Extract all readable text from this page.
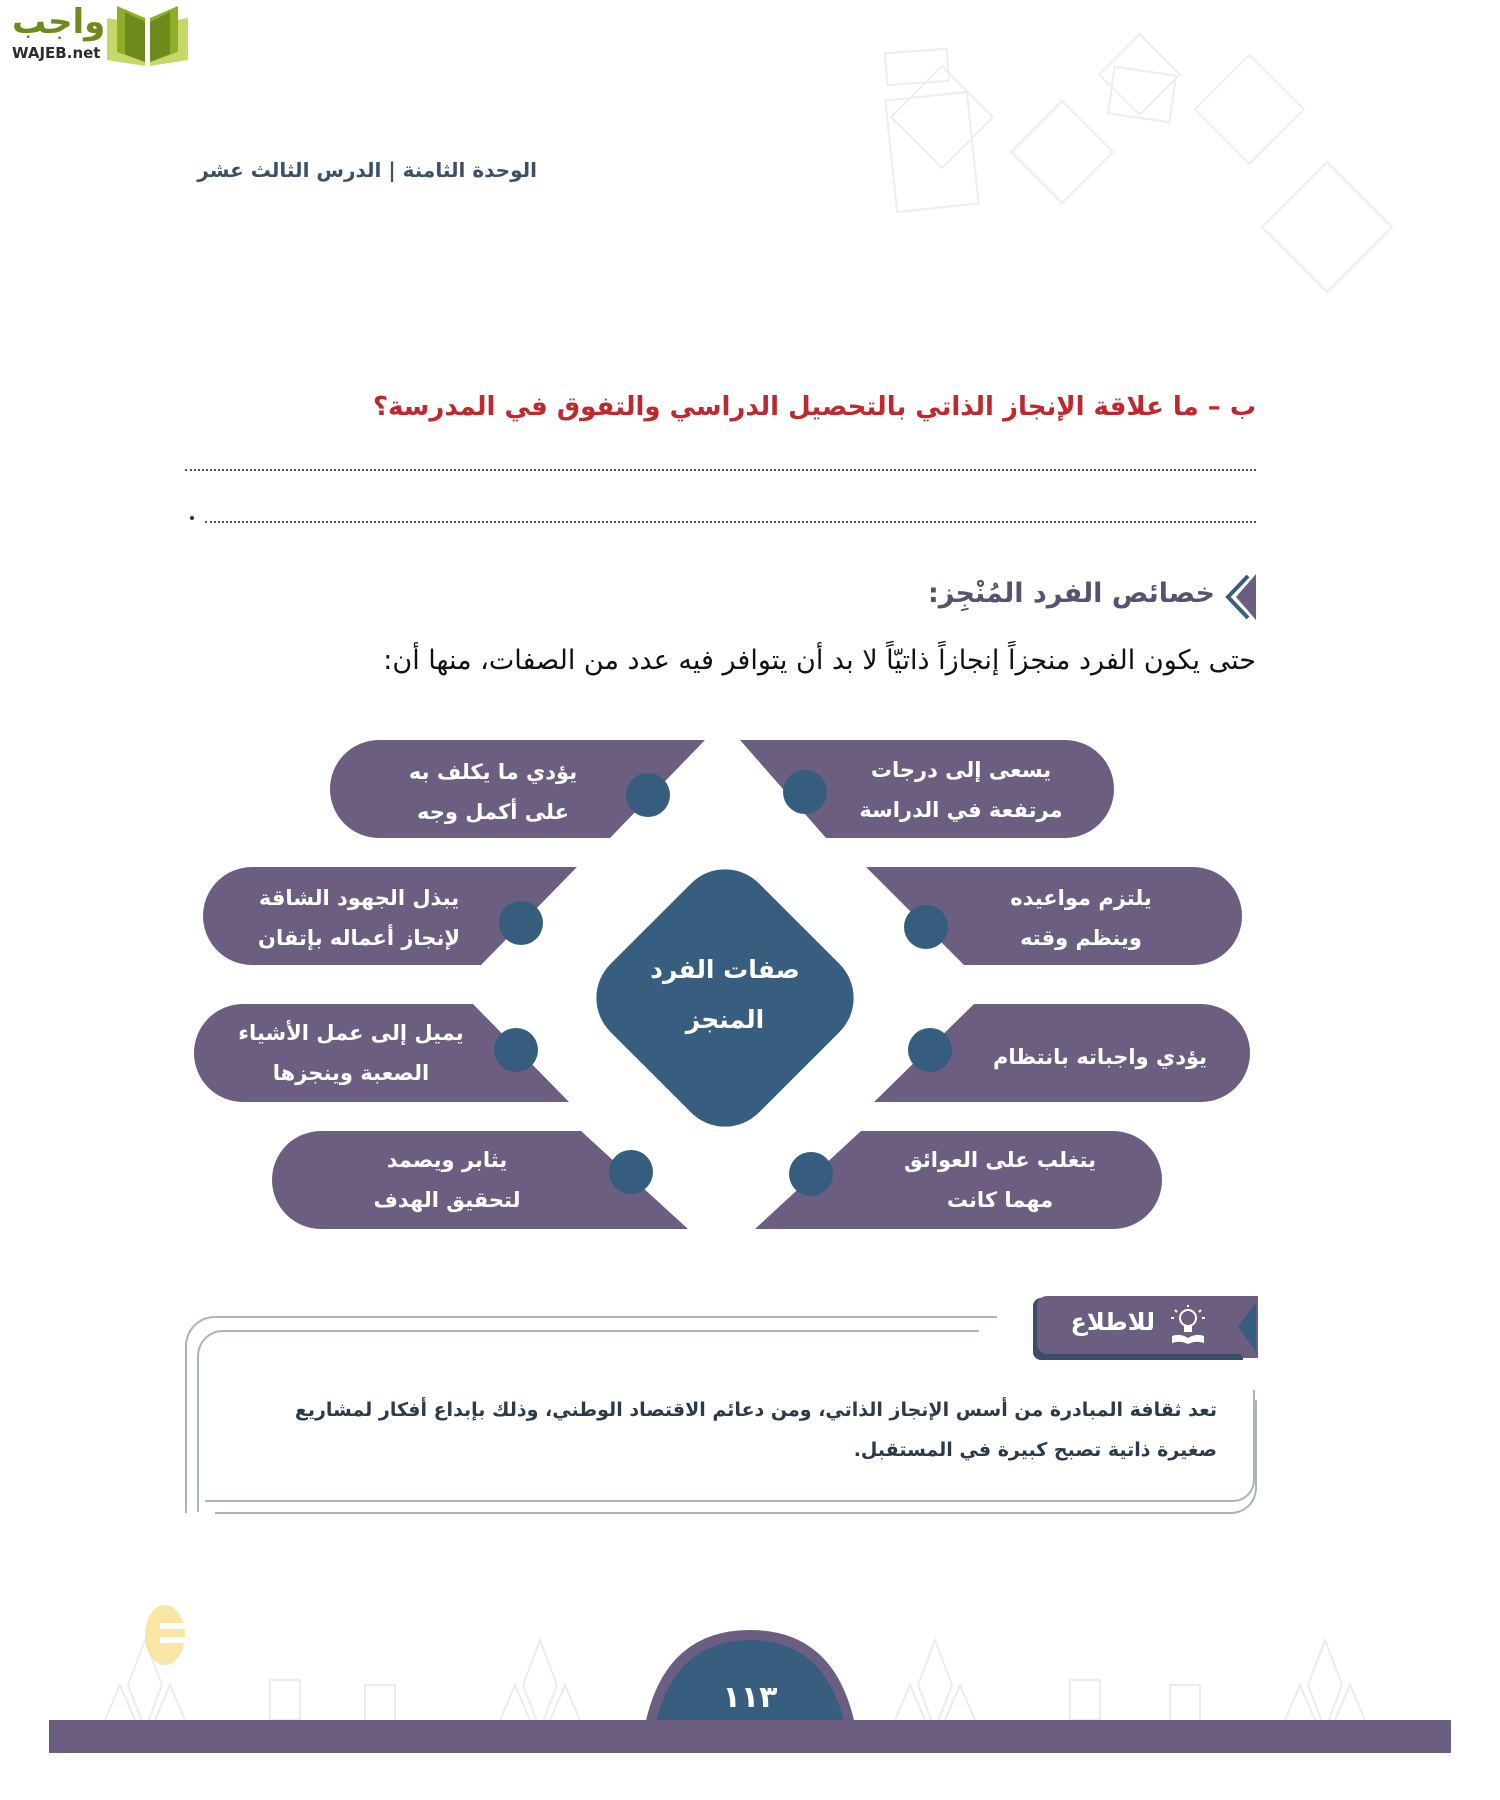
واجب
WAJEB.net
الوحدة الثامنة | الدرس الثالث عشر
ب – ما علاقة الإنجاز الذاتي بالتحصيل الدراسي والتفوق في المدرسة؟
خصائص الفرد المُنْجِز:
حتى يكون الفرد منجزاً إنجازاً ذاتيّاً لا بد أن يتوافر فيه عدد من الصفات، منها أن:
صفات الفرد
المنجز
يؤدي ما يكلف به
على أكمل وجه
يبذل الجهود الشاقة
لإنجاز أعماله بإتقان
يميل إلى عمل الأشياء
الصعبة وينجزها
يثابر ويصمد
لتحقيق الهدف
يسعى إلى درجات
مرتفعة في الدراسة
يلتزم مواعيده
وينظم وقته
يؤدي واجباته بانتظام
يتغلب على العوائق
مهما كانت
للاطلاع
تعد ثقافة المبادرة من أسس الإنجاز الذاتي، ومن دعائم الاقتصاد الوطني، وذلك بإبداع أفكار لمشاريع
صغيرة ذاتية تصبح كبيرة في المستقبل.
١١٣
